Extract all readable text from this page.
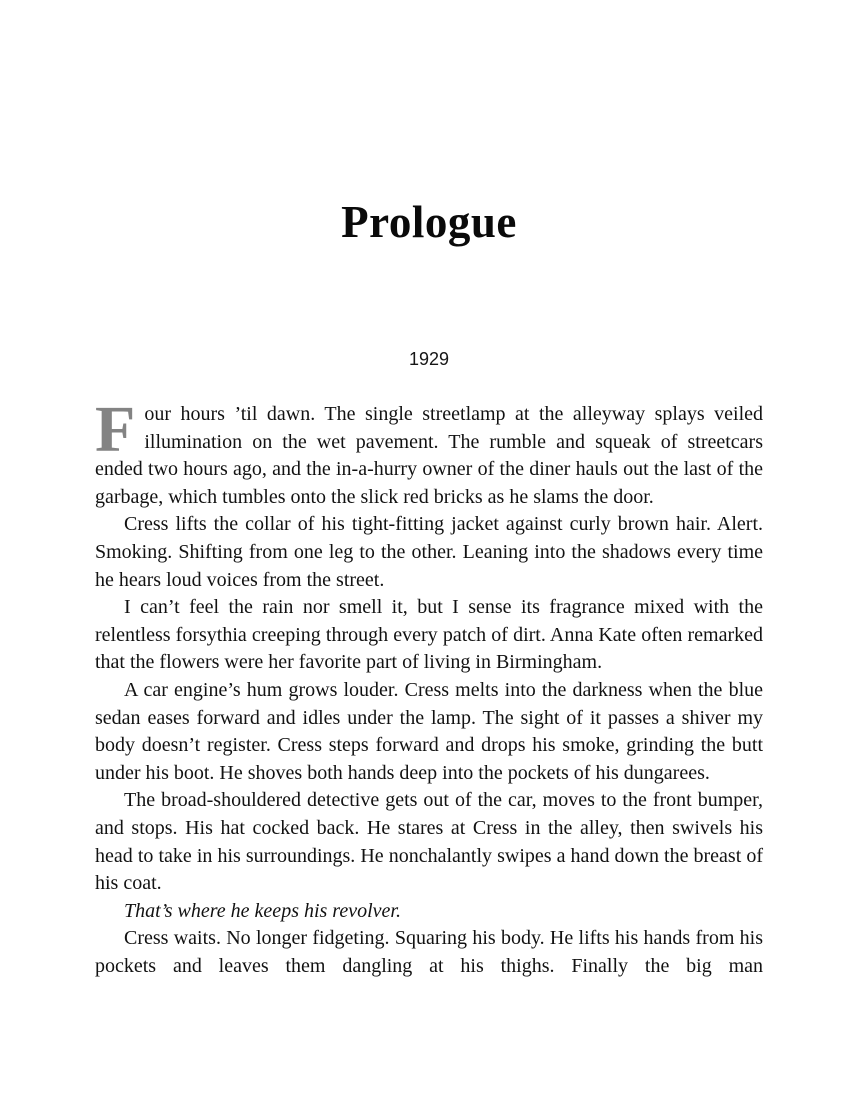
Prologue
1929

Four hours ’til dawn. The single streetlamp at the alleyway splays veiled illumination on the wet pavement. The rumble and squeak of streetcars ended two hours ago, and the in-a-hurry owner of the diner hauls out the last of the garbage, which tumbles onto the slick red bricks as he slams the door.

Cress lifts the collar of his tight-fitting jacket against curly brown hair. Alert. Smoking. Shifting from one leg to the other. Leaning into the shadows every time he hears loud voices from the street.

I can’t feel the rain nor smell it, but I sense its fragrance mixed with the relentless forsythia creeping through every patch of dirt. Anna Kate often remarked that the flowers were her favorite part of living in Birmingham.

A car engine’s hum grows louder. Cress melts into the darkness when the blue sedan eases forward and idles under the lamp. The sight of it passes a shiver my body doesn’t register. Cress steps forward and drops his smoke, grinding the butt under his boot. He shoves both hands deep into the pockets of his dungarees.

The broad-shouldered detective gets out of the car, moves to the front bumper, and stops. His hat cocked back. He stares at Cress in the alley, then swivels his head to take in his surroundings. He nonchalantly swipes a hand down the breast of his coat.

That’s where he keeps his revolver.

Cress waits. No longer fidgeting. Squaring his body. He lifts his hands from his pockets and leaves them dangling at his thighs. Finally the big man
